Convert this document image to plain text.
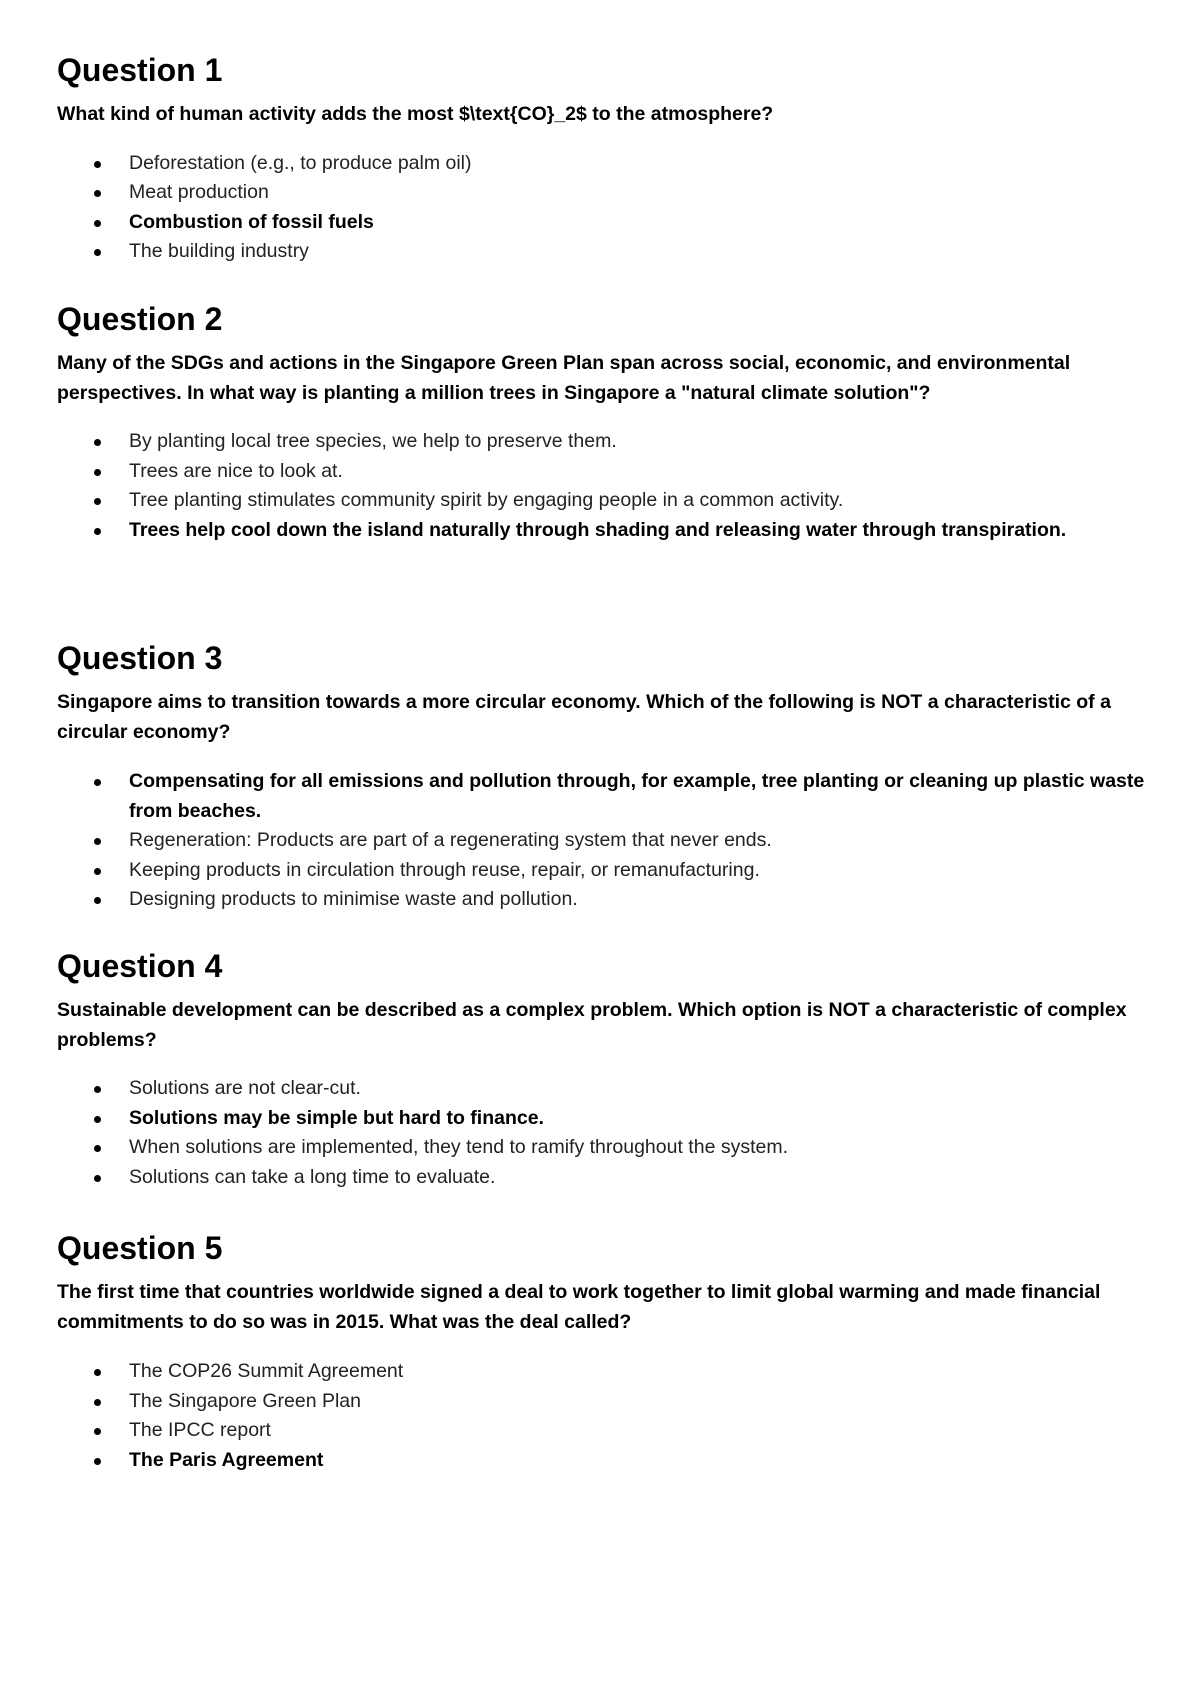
Question 1

What kind of human activity adds the most $\text{CO}_2$ to the atmosphere?

Deforestation (e.g., to produce palm oil)
Meat production
Combustion of fossil fuels
The building industry
Question 2

Many of the SDGs and actions in the Singapore Green Plan span across social, economic, and environmental perspectives. In what way is planting a million trees in Singapore a "natural climate solution"?

By planting local tree species, we help to preserve them.
Trees are nice to look at.
Tree planting stimulates community spirit by engaging people in a common activity.
Trees help cool down the island naturally through shading and releasing water through transpiration.
Question 3

Singapore aims to transition towards a more circular economy. Which of the following is NOT a characteristic of a circular economy?

Compensating for all emissions and pollution through, for example, tree planting or cleaning up plastic waste from beaches.
Regeneration: Products are part of a regenerating system that never ends.
Keeping products in circulation through reuse, repair, or remanufacturing.
Designing products to minimise waste and pollution.
Question 4

Sustainable development can be described as a complex problem. Which option is NOT a characteristic of complex problems?

Solutions are not clear-cut.
Solutions may be simple but hard to finance.
When solutions are implemented, they tend to ramify throughout the system.
Solutions can take a long time to evaluate.
Question 5

The first time that countries worldwide signed a deal to work together to limit global warming and made financial commitments to do so was in 2015. What was the deal called?

The COP26 Summit Agreement
The Singapore Green Plan
The IPCC report
The Paris Agreement
